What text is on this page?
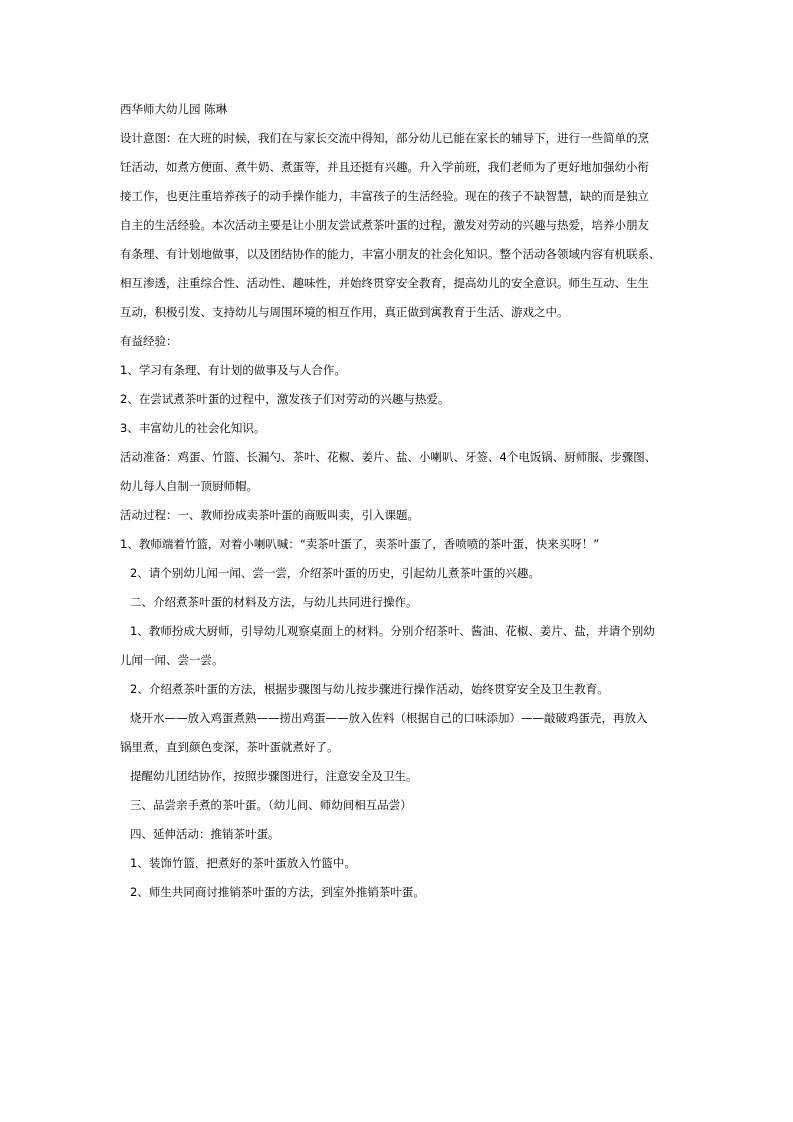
西华师大幼儿园 陈琳
设计意图：在大班的时候，我们在与家长交流中得知，部分幼儿已能在家长的辅导下，进行一些简单的烹
饪活动，如煮方便面、煮牛奶、煮蛋等，并且还挺有兴趣。升入学前班，我们老师为了更好地加强幼小衔
接工作，也更注重培养孩子的动手操作能力，丰富孩子的生活经验。现在的孩子不缺智慧，缺的而是独立
自主的生活经验。本次活动主要是让小朋友尝试煮茶叶蛋的过程，激发对劳动的兴趣与热爱，培养小朋友
有条理、有计划地做事，以及团结协作的能力，丰富小朋友的社会化知识。整个活动各领域内容有机联系、
相互渗透，注重综合性、活动性、趣味性，并始终贯穿安全教育，提高幼儿的安全意识。师生互动、生生
互动，积极引发、支持幼儿与周围环境的相互作用，真正做到寓教育于生活、游戏之中。
有益经验：
1、学习有条理、有计划的做事及与人合作。
2、在尝试煮茶叶蛋的过程中，激发孩子们对劳动的兴趣与热爱。
3、丰富幼儿的社会化知识。
活动准备：鸡蛋、竹篮、长漏勺、茶叶、花椒、姜片、盐、小喇叭、牙签、4个电饭锅、厨师服、步骤图、
幼儿每人自制一顶厨师帽。
活动过程：一、教师扮成卖茶叶蛋的商贩叫卖，引入课题。
1、教师端着竹篮，对着小喇叭喊：“卖茶叶蛋了，卖茶叶蛋了，香喷喷的茶叶蛋，快来买呀！”
2、请个别幼儿闻一闻、尝一尝，介绍茶叶蛋的历史，引起幼儿煮茶叶蛋的兴趣。
二、介绍煮茶叶蛋的材料及方法，与幼儿共同进行操作。
1、教师扮成大厨师，引导幼儿观察桌面上的材料。分别介绍茶叶、酱油、花椒、姜片、盐，并请个别幼
儿闻一闻、尝一尝。
2、介绍煮茶叶蛋的方法，根据步骤图与幼儿按步骤进行操作活动，始终贯穿安全及卫生教育。
烧开水——放入鸡蛋煮熟——捞出鸡蛋——放入佐料（根据自己的口味添加）——敲破鸡蛋壳，再放入
锅里煮，直到颜色变深，茶叶蛋就煮好了。
提醒幼儿团结协作，按照步骤图进行，注意安全及卫生。
三、品尝亲手煮的茶叶蛋。（幼儿间、师幼间相互品尝）
四、延伸活动：推销茶叶蛋。
1、装饰竹篮，把煮好的茶叶蛋放入竹篮中。
2、师生共同商讨推销茶叶蛋的方法，到室外推销茶叶蛋。
